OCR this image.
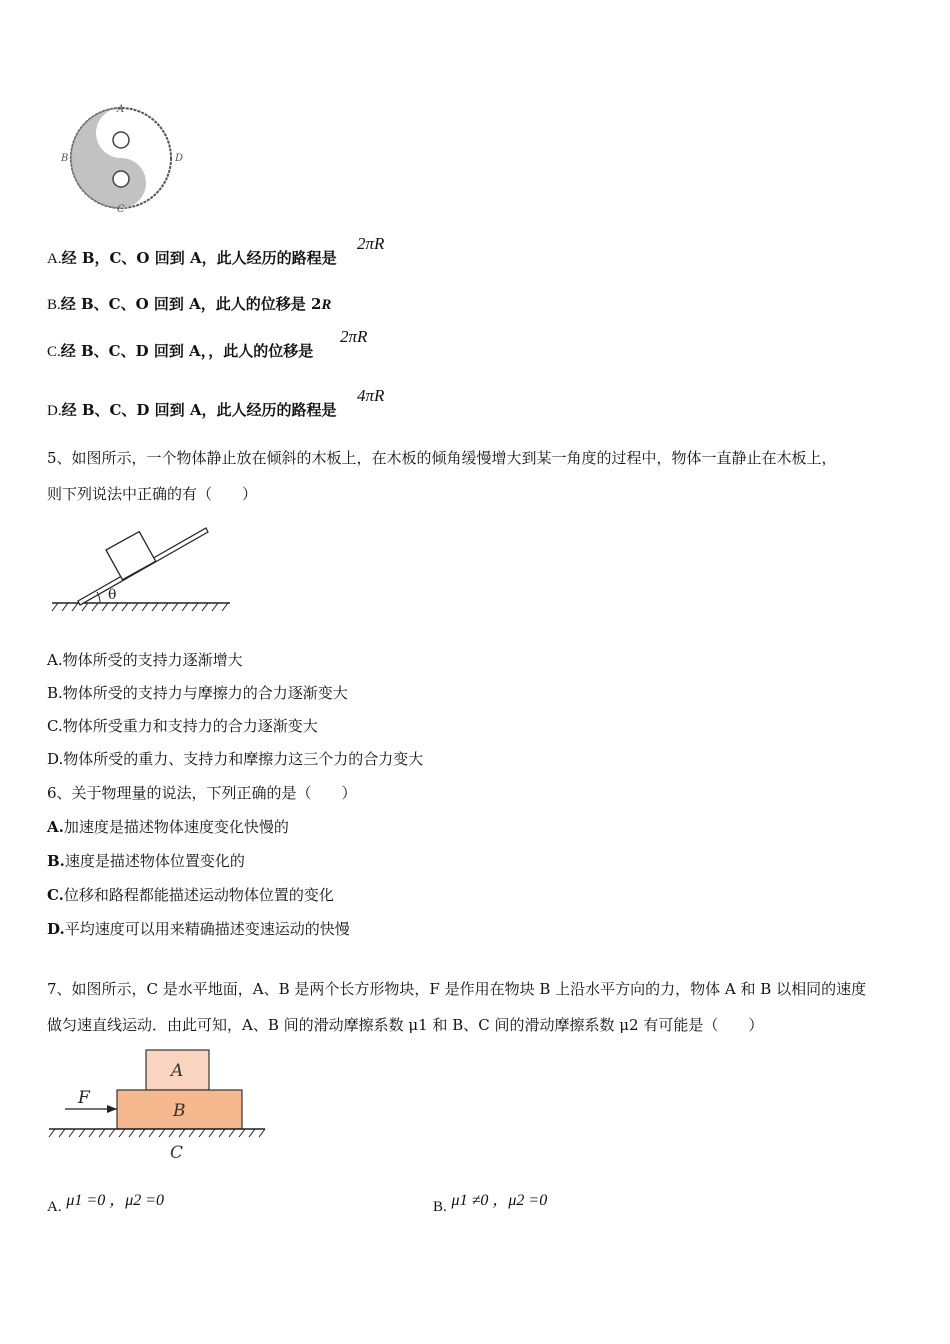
A
B
C
D
A.经 B，C、O 回到 A，此人经历的路程是
2πR
B.经 B、C、O 回到 A，此人的位移是 2R
C.经 B、C、D 回到 A，，此人的位移是
2πR
D.经 B、C、D 回到 A，此人经历的路程是
4πR
5、如图所示，一个物体静止放在倾斜的木板上，在木板的倾角缓慢增大到某一角度的过程中，物体一直静止在木板上，
则下列说法中正确的有（　　）
θ
A.物体所受的支持力逐渐增大
B.物体所受的支持力与摩擦力的合力逐渐变大
C.物体所受重力和支持力的合力逐渐变大
D.物体所受的重力、支持力和摩擦力这三个力的合力变大
6、关于物理量的说法，下列正确的是（　　）
A.加速度是描述物体速度变化快慢的
B.速度是描述物体位置变化的
C.位移和路程都能描述运动物体位置的变化
D.平均速度可以用来精确描述变速运动的快慢
7、如图所示，C 是水平地面，A、B 是两个长方形物块，F 是作用在物块 B 上沿水平方向的力，物体 A 和 B 以相同的速度
做匀速直线运动．由此可知，A、B 间的滑动摩擦系数 μ1 和 B、C 间的滑动摩擦系数 μ2 有可能是（　　）
A
B
F
C
A. μ1 =0 ，μ2 =0	B. μ1 ≠0 ，μ2 =0
